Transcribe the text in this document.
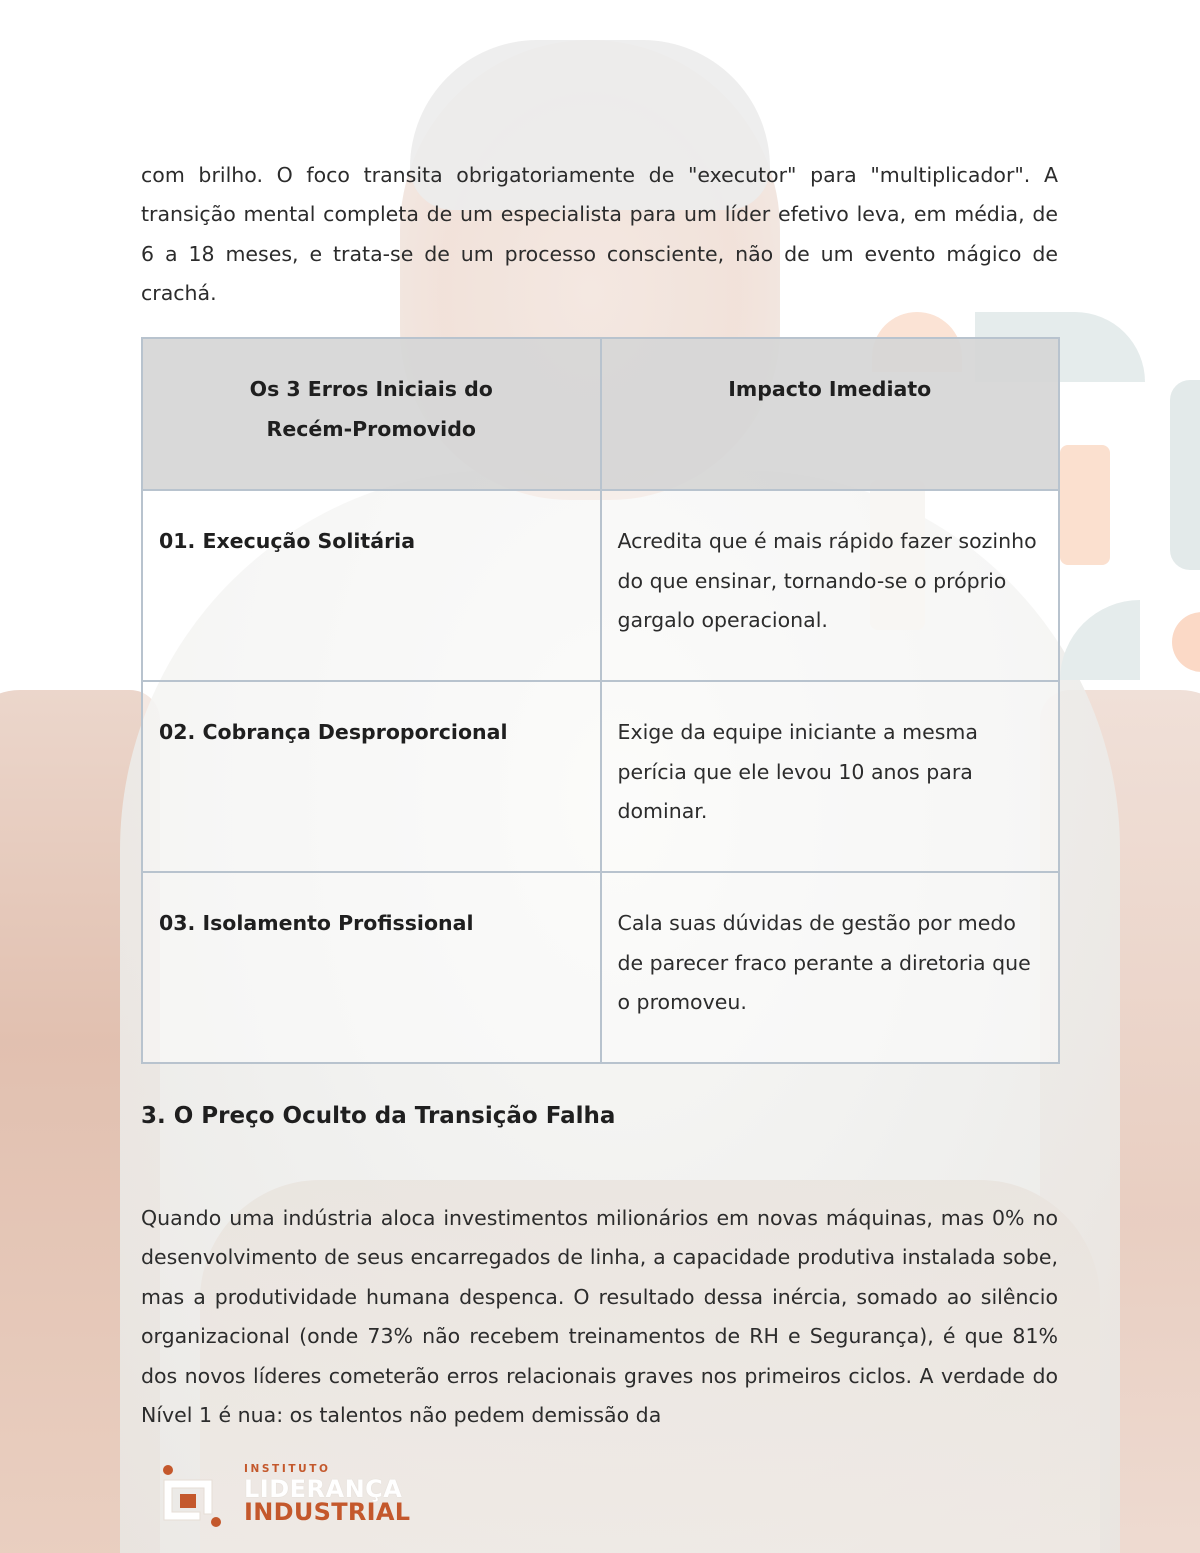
com brilho. O foco transita obrigatoriamente de "executor" para "multiplicador". A transição mental completa de um especialista para um líder efetivo leva, em média, de 6 a 18 meses, e trata-se de um processo consciente, não de um evento mágico de crachá.

Os 3 Erros Iniciais do Recém-Promovido	Impacto Imediato
01. Execução Solitária	Acredita que é mais rápido fazer sozinho do que ensinar, tornando-se o próprio gargalo operacional.
02. Cobrança Desproporcional	Exige da equipe iniciante a mesma perícia que ele levou 10 anos para dominar.
03. Isolamento Profissional	Cala suas dúvidas de gestão por medo de parecer fraco perante a diretoria que o promoveu.
3. O Preço Oculto da Transição Falha

Quando uma indústria aloca investimentos milionários em novas máquinas, mas 0% no desenvolvimento de seus encarregados de linha, a capacidade produtiva instalada sobe, mas a produtividade humana despenca. O resultado dessa inércia, somado ao silêncio organizacional (onde 73% não recebem treinamentos de RH e Segurança), é que 81% dos novos líderes cometerão erros relacionais graves nos primeiros ciclos. A verdade do Nível 1 é nua: os talentos não pedem demissão da

INSTITUTO
LIDERANÇA
INDUSTRIAL
